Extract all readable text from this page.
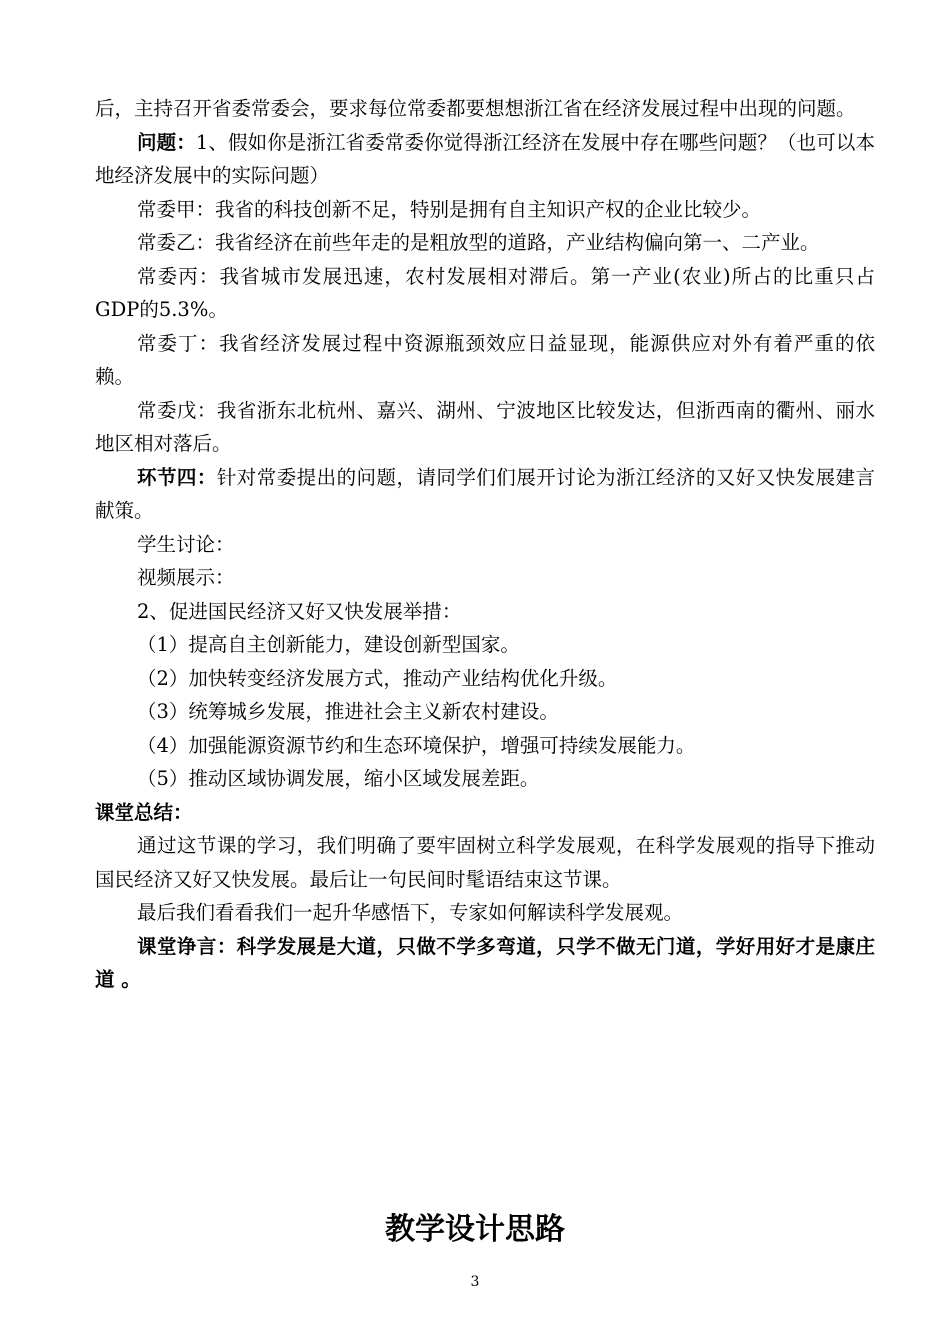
后，主持召开省委常委会，要求每位常委都要想想浙江省在经济发展过程中出现的问题。

问题：1、假如你是浙江省委常委你觉得浙江经济在发展中存在哪些问题？（也可以本地经济发展中的实际问题）

常委甲：我省的科技创新不足，特别是拥有自主知识产权的企业比较少。

常委乙：我省经济在前些年走的是粗放型的道路，产业结构偏向第一、二产业。

常委丙：我省城市发展迅速，农村发展相对滞后。第一产业(农业)所占的比重只占GDP的5.3%。

常委丁：我省经济发展过程中资源瓶颈效应日益显现，能源供应对外有着严重的依赖。

常委戊：我省浙东北杭州、嘉兴、湖州、宁波地区比较发达，但浙西南的衢州、丽水地区相对落后。

环节四：针对常委提出的问题，请同学们们展开讨论为浙江经济的又好又快发展建言献策。

学生讨论：

视频展示：

2、促进国民经济又好又快发展举措：

（1）提高自主创新能力，建设创新型国家。

（2）加快转变经济发展方式，推动产业结构优化升级。

（3）统筹城乡发展，推进社会主义新农村建设。

（4）加强能源资源节约和生态环境保护，增强可持续发展能力。

（5）推动区域协调发展，缩小区域发展差距。

课堂总结：

通过这节课的学习，我们明确了要牢固树立科学发展观，在科学发展观的指导下推动国民经济又好又快发展。最后让一句民间时髦语结束这节课。

最后我们看看我们一起升华感悟下，专家如何解读科学发展观。

课堂诤言：科学发展是大道，只做不学多弯道，只学不做无门道，学好用好才是康庄道 。

教学设计思路

3
